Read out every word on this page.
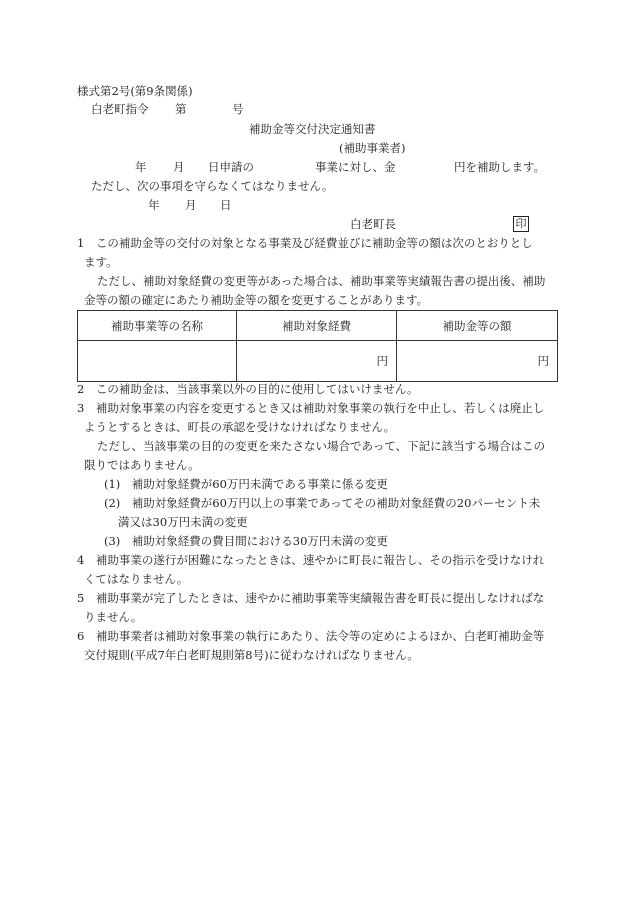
様式第2号(第9条関係)
白老町指令 第	号
補助金等交付決定通知書
(補助事業者)
年 月 日申請の	事業に対し、金	円を補助します。
ただし、次の事項を守らなくてはなりません。
年 月 日
白老町長	印
1　この補助金等の交付の対象となる事業及び経費並びに補助金等の額は次のとおりとし
ます。
ただし、補助対象経費の変更等があった場合は、補助事業等実績報告書の提出後、補助
金等の額の確定にあたり補助金等の額を変更することがあります。
補助事業等の名称	補助対象経費	補助金等の額
	円	円
2　この補助金は、当該事業以外の目的に使用してはいけません。
3　補助対象事業の内容を変更するとき又は補助対象事業の執行を中止し、若しくは廃止し
ようとするときは、町長の承認を受けなければなりません。
ただし、当該事業の目的の変更を来たさない場合であって、下記に該当する場合はこの
限りではありません。
(1)　補助対象経費が60万円未満である事業に係る変更
(2)　補助対象経費が60万円以上の事業であってその補助対象経費の20パーセント未
満又は30万円未満の変更
(3)　補助対象経費の費目間における30万円未満の変更
4　補助事業の遂行が困難になったときは、速やかに町長に報告し、その指示を受けなけれ
くてはなりません。
5　補助事業が完了したときは、速やかに補助事業等実績報告書を町長に提出しなければな
りません。
6　補助事業者は補助対象事業の執行にあたり、法令等の定めによるほか、白老町補助金等
交付規則(平成7年白老町規則第8号)に従わなければなりません。
